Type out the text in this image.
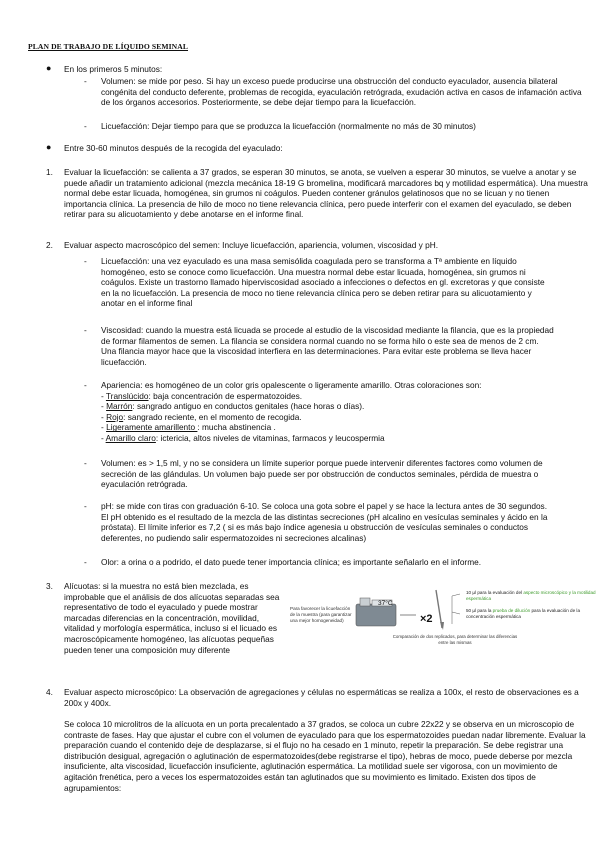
PLAN DE TRABAJO DE LÍQUIDO SEMINAL
● En los primeros 5 minutos:
- Volumen: se mide por peso. Si hay un exceso puede producirse una obstrucción del conducto eyaculador, ausencia bilateral congénita del conducto deferente, problemas de recogida, eyaculación retrógrada, exudación activa en casos de infamación activa de los órganos accesorios. Posteriormente, se debe dejar tiempo para la licuefacción.

- Licuefacción: Dejar tiempo para que se produzca la licuefacción (normalmente no más de 30 minutos)

● Entre 30-60 minutos después de la recogida del eyaculado:
1. Evaluar la licuefacción: se calienta a 37 grados, se esperan 30 minutos, se anota, se vuelven a esperar 30 minutos, se vuelve a anotar y se puede añadir un tratamiento adicional (mezcla mecánica 18-19 G bromelina, modificará marcadores bq y motilidad espermática). Una muestra normal debe estar licuada, homogénea, sin grumos ni coágulos. Pueden contener gránulos gelatinosos que no se licuan y no tienen importancia clínica. La presencia de hilo de moco no tiene relevancia clínica, pero puede interferir con el examen del eyaculado, se deben retirar para su alicuotamiento y debe anotarse en el informe final.

2. Evaluar aspecto macroscópico del semen: Incluye licuefacción, apariencia, volumen, viscosidad y pH.

- Licuefacción: una vez eyaculado es una masa semisólida coagulada pero se transforma a Tª ambiente en líquido homogéneo, esto se conoce como licuefacción. Una muestra normal debe estar licuada, homogénea, sin grumos ni coágulos. Existe un trastorno llamado hiperviscosidad asociado a infecciones o defectos en gl. excretoras y que consiste en la no licuefacción. La presencia de moco no tiene relevancia clínica pero se deben retirar para su alicuotamiento y anotar en el informe final

- Viscosidad: cuando la muestra está licuada se procede al estudio de la viscosidad mediante la filancia, que es la propiedad de formar filamentos de semen. La filancia se considera normal cuando no se forma hilo o este sea de menos de 2 cm. Una filancia mayor hace que la viscosidad interfiera en las determinaciones. Para evitar este problema se lleva hacer licuefacción.

- Apariencia: es homogéneo de un color gris opalescente o ligeramente amarillo. Otras coloraciones son:
- Translúcido: baja concentración de espermatozoides.
- Marrón: sangrado antiguo en conductos genitales (hace horas o días).
- Rojo: sangrado reciente, en el momento de recogida.
- Ligeramente amarillento : mucha abstinencia .
- Amarillo claro: ictericia, altos niveles de vitaminas, farmacos y leucospermia
- Volumen: es > 1,5 ml, y no se considera un límite superior porque puede intervenir diferentes factores como volumen de secreción de las glándulas. Un volumen bajo puede ser por obstrucción de conductos seminales, pérdida de muestra o eyaculación retrógrada.

- pH: se mide con tiras con graduación 6-10. Se coloca una gota sobre el papel y se hace la lectura antes de 30 segundos. El pH obtenido es el resultado de la mezcla de las distintas secreciones (pH alcalino en vesículas seminales y ácido en la próstata). El límite inferior es 7,2 ( si es más bajo índice agenesia u obstrucción de vesículas seminales o conductos deferentes, no pudiendo salir espermatozoides ni secreciones alcalinas)

- Olor: a orina o a podrido, el dato puede tener importancia clínica; es importante señalarlo en el informe.

3. Alícuotas: si la muestra no está bien mezclada, es improbable que el análisis de dos alícuotas separadas sea representativo de todo el eyaculado y puede mostrar marcadas diferencias en la concentración, movilidad, vitalidad y morfología espermática, incluso si el licuado es macroscópicamente homogéneo, las alícuotas pequeñas pueden tener una composición muy diferente

Para favorecer la licuefacción de la muestra (para garantizar una mejor homogeneidad)
37°C
×2
10 µl para la evaluación del aspecto microscópico y la motilidad espermática
50 µl para la prueba de dilución para la evaluación de la concentración espermática
Comparación de dos replicados, para determinar las diferencias entre las mismas
4. Evaluar aspecto microscópico: La observación de agregaciones y células no espermáticas se realiza a 100x, el resto de observaciones es a 200x y 400x.

Se coloca 10 microlitros de la alícuota en un porta precalentado a 37 grados, se coloca un cubre 22x22 y se observa en un microscopio de contraste de fases. Hay que ajustar el cubre con el volumen de eyaculado para que los espermatozoides puedan nadar libremente. Evaluar la preparación cuando el contenido deje de desplazarse, si el flujo no ha cesado en 1 minuto, repetir la preparación. Se debe registrar una distribución desigual, agregación o aglutinación de espermatozoides(debe registrarse el tipo), hebras de moco, puede deberse por mezcla insuficiente, alta viscosidad, licuefacción insuficiente, aglutinación espermática. La motilidad suele ser vigorosa, con un movimiento de agitación frenética, pero a veces los espermatozoides están tan aglutinados que su movimiento es limitado. Existen dos tipos de agrupamientos:
